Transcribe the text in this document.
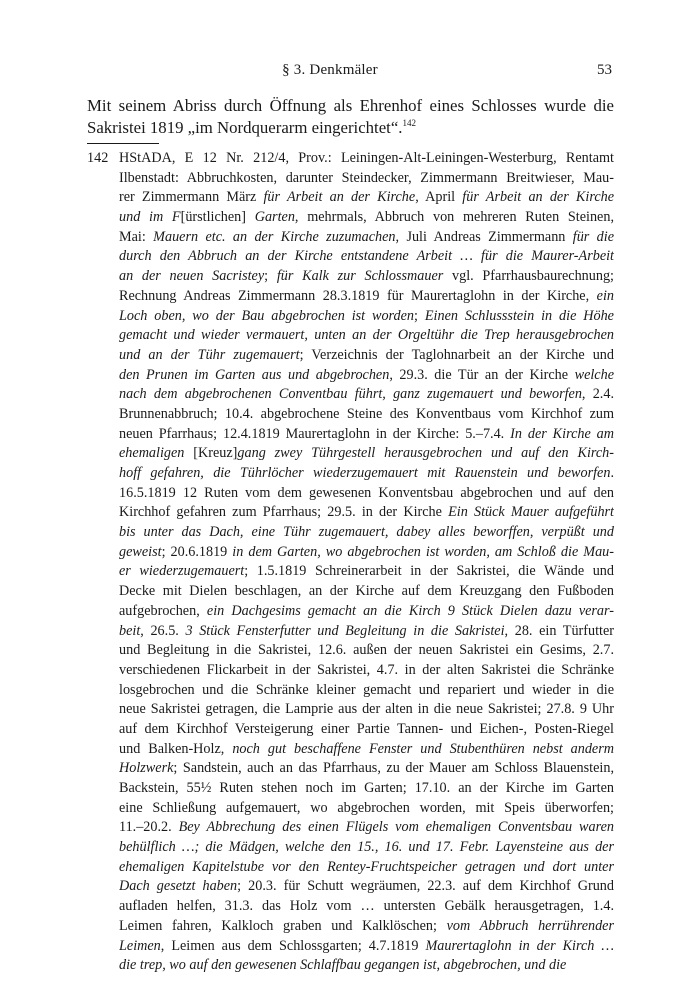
§ 3. Denkmäler	53
Mit seinem Abriss durch Öffnung als Ehrenhof eines Schlosses wurde die
Sakristei 1819 „im Nordquerarm eingerichtet“.$^{142}$
142 HStADA, E 12 Nr. 212/4, Prov.: Leiningen-Alt-Leiningen-Westerburg, Rentamt
Ilbenstadt: Abbruchkosten, darunter Steindecker, Zimmermann Breitwieser, Mau-
rer Zimmermann März für Arbeit an der Kirche, April für Arbeit an der Kirche
und im F[ürstlichen] Garten, mehrmals, Abbruch von mehreren Ruten Steinen,
Mai: Mauern etc. an der Kirche zuzumachen, Juli Andreas Zimmermann für die
durch den Abbruch an der Kirche entstandene Arbeit … für die Maurer-Arbeit
an der neuen Sacristey; für Kalk zur Schlossmauer vgl. Pfarrhausbaurechnung;
Rechnung Andreas Zimmermann 28.3.1819 für Maurertaglohn in der Kirche, ein
Loch oben, wo der Bau abgebrochen ist worden; Einen Schlussstein in die Höhe
gemacht und wieder vermauert, unten an der Orgeltühr die Trep herausgebrochen
und an der Tühr zugemauert; Verzeichnis der Taglohnarbeit an der Kirche und
den Prunen im Garten aus und abgebrochen, 29.3. die Tür an der Kirche welche
nach dem abgebrochenen Conventbau führt, ganz zugemauert und beworfen, 2.4.
Brunnenabbruch; 10.4. abgebrochene Steine des Konventbaus vom Kirchhof zum
neuen Pfarrhaus; 12.4.1819 Maurertaglohn in der Kirche: 5.–7.4. In der Kirche am
ehemaligen [Kreuz]gang zwey Tührgestell herausgebrochen und auf den Kirch-
hoff gefahren, die Tührlöcher wiederzugemauert mit Rauenstein und beworfen.
16.5.1819 12 Ruten vom dem gewesenen Konventsbau abgebrochen und auf den
Kirchhof gefahren zum Pfarrhaus; 29.5. in der Kirche Ein Stück Mauer aufgeführt
bis unter das Dach, eine Tühr zugemauert, dabey alles beworffen, verpüßt und
geweist; 20.6.1819 in dem Garten, wo abgebrochen ist worden, am Schloß die Mau-
er wiederzugemauert; 1.5.1819 Schreinerarbeit in der Sakristei, die Wände und
Decke mit Dielen beschlagen, an der Kirche auf dem Kreuzgang den Fußboden
aufgebrochen, ein Dachgesims gemacht an die Kirch 9 Stück Dielen dazu verar-
beit, 26.5. 3 Stück Fensterfutter und Begleitung in die Sakristei, 28. ein Türfutter
und Begleitung in die Sakristei, 12.6. außen der neuen Sakristei ein Gesims, 2.7.
verschiedenen Flickarbeit in der Sakristei, 4.7. in der alten Sakristei die Schränke
losgebrochen und die Schränke kleiner gemacht und repariert und wieder in die
neue Sakristei getragen, die Lamprie aus der alten in die neue Sakristei; 27.8. 9 Uhr
auf dem Kirchhof Versteigerung einer Partie Tannen- und Eichen-, Posten-Riegel
und Balken-Holz, noch gut beschaffene Fenster und Stubenthüren nebst anderm
Holzwerk; Sandstein, auch an das Pfarrhaus, zu der Mauer am Schloss Blauenstein,
Backstein, 55½ Ruten stehen noch im Garten; 17.10. an der Kirche im Garten
eine Schließung aufgemauert, wo abgebrochen worden, mit Speis überworfen;
11.–20.2. Bey Abbrechung des einen Flügels vom ehemaligen Conventsbau waren
behülflich …; die Mädgen, welche den 15., 16. und 17. Febr. Layensteine aus der
ehemaligen Kapitelstube vor den Rentey-Fruchtspeicher getragen und dort unter
Dach gesetzt haben; 20.3. für Schutt wegräumen, 22.3. auf dem Kirchhof Grund
aufladen helfen, 31.3. das Holz vom … untersten Gebälk herausgetragen, 1.4.
Leimen fahren, Kalkloch graben und Kalklöschen; vom Abbruch herrührender
Leimen, Leimen aus dem Schlossgarten; 4.7.1819 Maurertaglohn in der Kirch …
die trep, wo auf den gewesenen Schlaffbau gegangen ist, abgebrochen, und die
